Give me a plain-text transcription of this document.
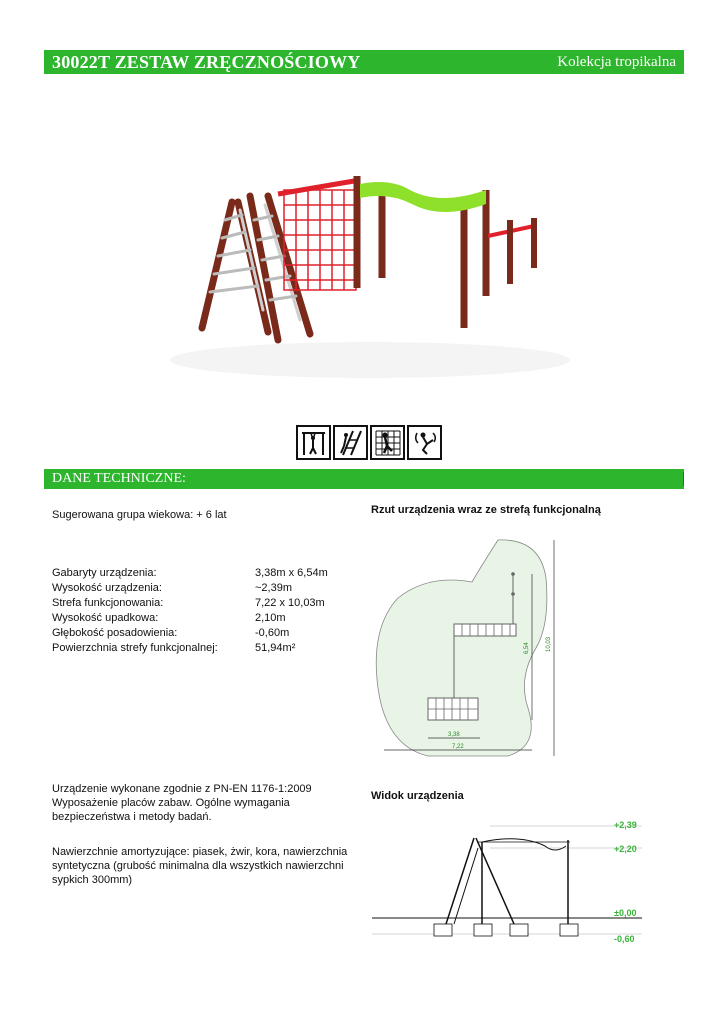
30022T ZESTAW ZRĘCZNOŚCIOWY	Kolekcja tropikalna
DANE TECHNICZNE:
Sugerowana grupa wiekowa: + 6 lat
Gabaryty urządzenia:	3,38m x 6,54m
Wysokość urządzenia:	~2,39m
Strefa funkcjonowania:	7,22 x 10,03m
Wysokość upadkowa:	2,10m
Głębokość posadowienia:	-0,60m
Powierzchnia strefy funkcjonalnej:	51,94m²
Urządzenie wykonane zgodnie z PN-EN 1176-1:2009
Wyposażenie placów zabaw. Ogólne wymagania
bezpieczeństwa i metody badań.
Nawierzchnie amortyzujące: piasek, żwir, kora, nawierzchnia
syntetyczna (grubość minimalna dla wszystkich nawierzchni
sypkich 300mm)
Rzut urządzenia wraz ze strefą funkcjonalną
3,38
7,22
6,54	10,03
Widok urządzenia
+2,39
+2,20
±0,00
-0,60
